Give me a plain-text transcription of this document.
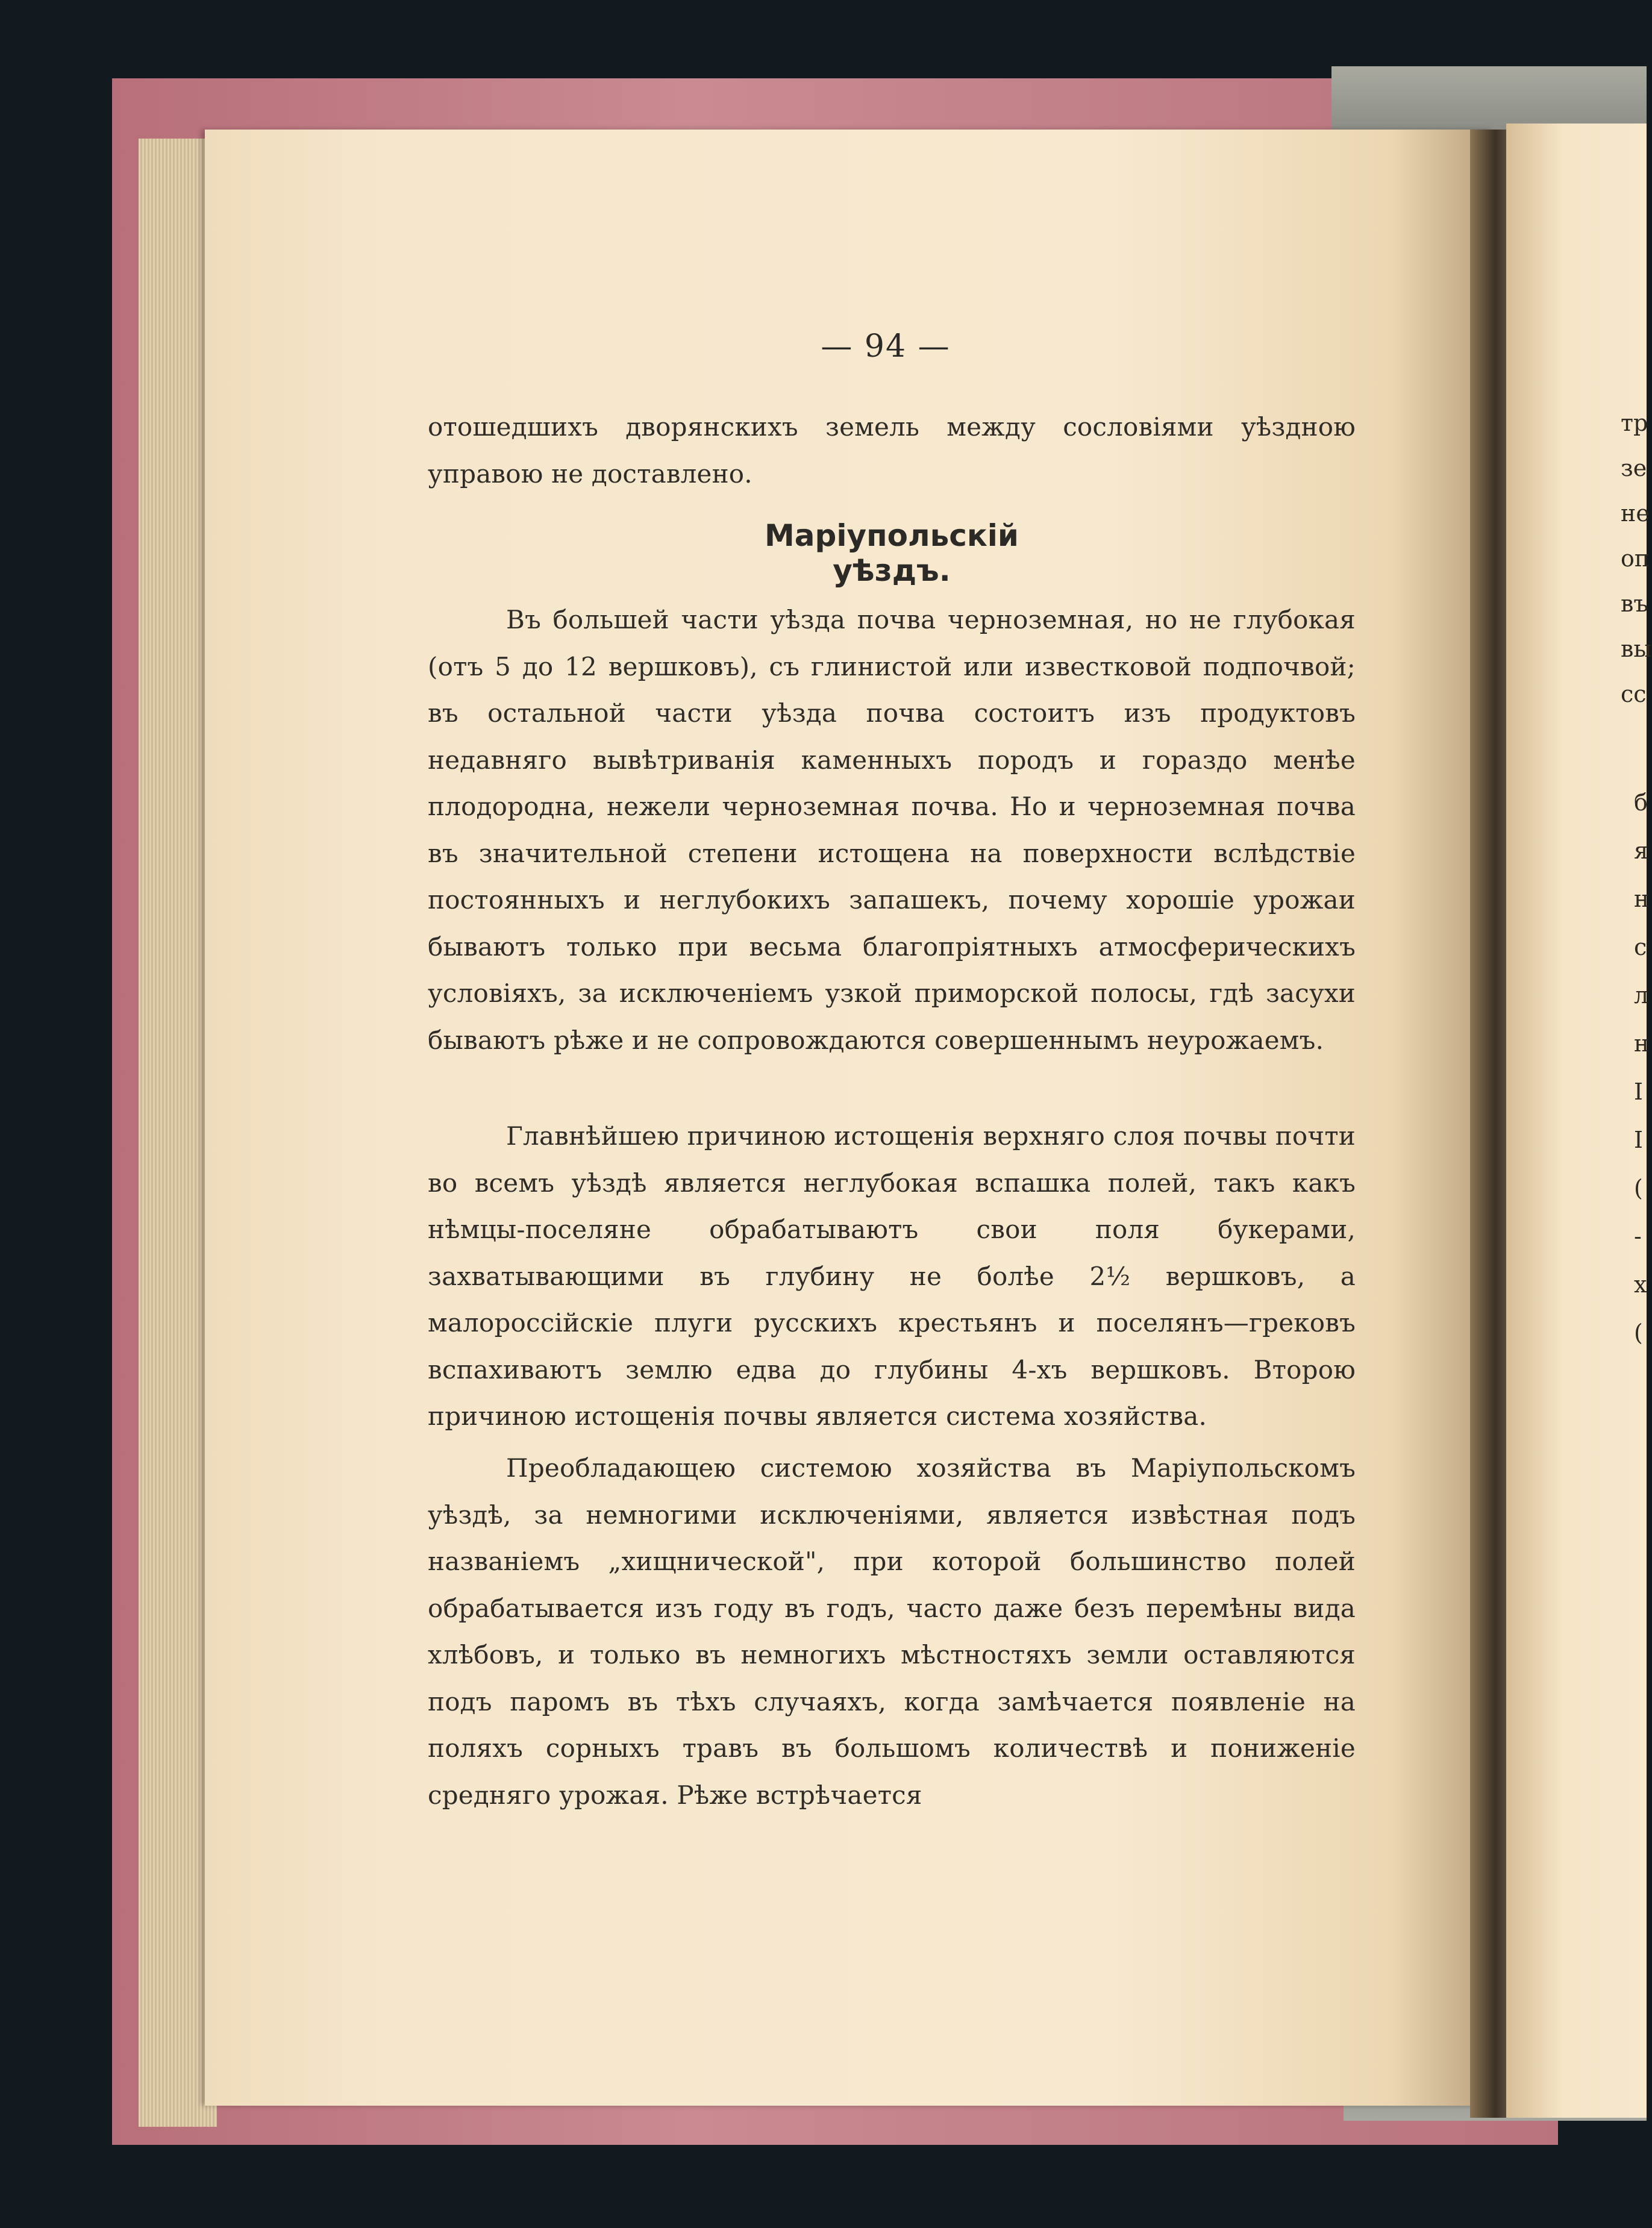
тр
зе
не
оп
въ
вы
сс
б
я
н
с
л
н
I
I
(
-
х
(
— 94 —
отошедшихъ дворянскихъ земель между сословіями уѣздною управою не доставлено.
Маріупольскій уѣздъ.
Въ большей части уѣзда почва черноземная, но не глубокая (отъ 5 до 12 вершковъ), съ глинистой или известковой подпочвой; въ остальной части уѣзда почва состоитъ изъ продуктовъ недавняго вывѣтриванія каменныхъ породъ и гораздо менѣе плодородна, нежели черноземная почва. Но и черноземная почва въ значительной степени истощена на поверхности вслѣдствіе постоянныхъ и неглубокихъ запашекъ, почему хорошіе урожаи бываютъ только при весьма благопріятныхъ атмосферическихъ условіяхъ, за исключеніемъ узкой приморской полосы, гдѣ засухи бываютъ рѣже и не сопровождаются совершеннымъ неурожаемъ.
Главнѣйшею причиною истощенія верхняго слоя почвы почти во всемъ уѣздѣ является неглубокая вспашка полей, такъ какъ нѣмцы-поселяне обрабатываютъ свои поля букерами, захватывающими въ глубину не болѣе 2½ вершковъ, а малороссійскіе плуги русскихъ крестьянъ и поселянъ—грековъ вспахиваютъ землю едва до глубины 4-хъ вершковъ. Второю причиною истощенія почвы является система хозяйства.
Преобладающею системою хозяйства въ Маріупольскомъ уѣздѣ, за немногими исключеніями, является извѣстная подъ названіемъ „хищнической", при которой большинство полей обрабатывается изъ году въ годъ, часто даже безъ перемѣны вида хлѣбовъ, и только въ немногихъ мѣстностяхъ земли оставляются подъ паромъ въ тѣхъ случаяхъ, когда замѣчается появленіе на поляхъ сорныхъ травъ въ большомъ количествѣ и пониженіе средняго урожая. Рѣже встрѣчается
